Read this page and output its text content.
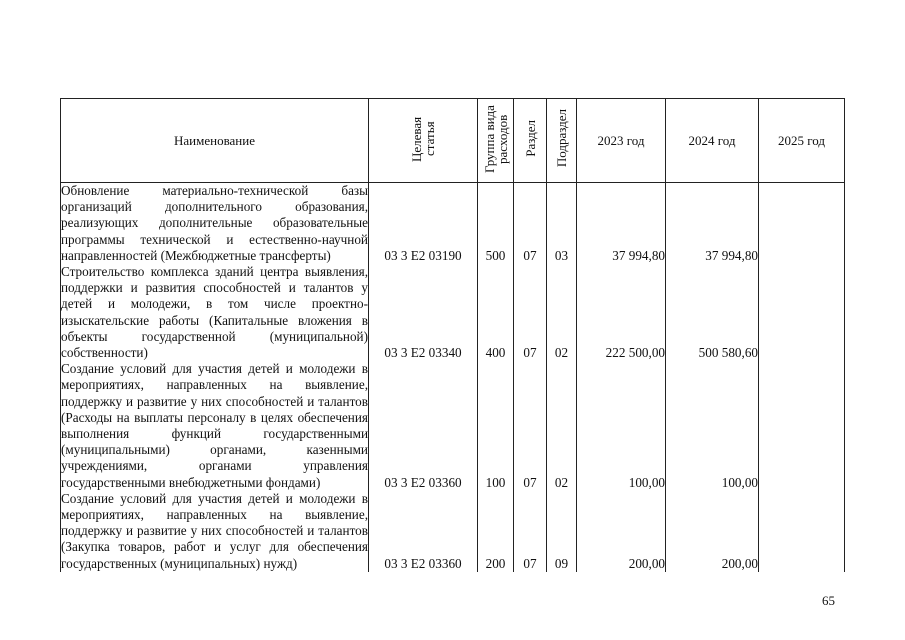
Наименование	Целевая статья	Группа вида расходов	Раздел	Подраздел	2023 год	2024 год	2025 год
Обновление материально-технической базы организаций дополнительного образования, реализующих дополнительные образовательные программы технической и естественно-научной направленностей (Межбюджетные трансферты)	03 3 E2 03190	500	07	03	37 994,80	37 994,80	
Строительство комплекса зданий центра выявления, поддержки и развития способностей и талантов у детей и молодежи, в том числе проектно-изыскательские работы (Капитальные вложения в объекты государственной (муниципальной) собственности)	03 3 E2 03340	400	07	02	222 500,00	500 580,60	
Создание условий для участия детей и молодежи в мероприятиях, направленных на выявление, поддержку и развитие у них способностей и талантов (Расходы на выплаты персоналу в целях обеспечения выполнения функций государственными (муниципальными) органами, казенными учреждениями, органами управления государственными внебюджетными фондами)	03 3 E2 03360	100	07	02	100,00	100,00	
Создание условий для участия детей и молодежи в мероприятиях, направленных на выявление, поддержку и развитие у них способностей и талантов (Закупка товаров, работ и услуг для обеспечения государственных (муниципальных) нужд)	03 3 E2 03360	200	07	09	200,00	200,00	
65
